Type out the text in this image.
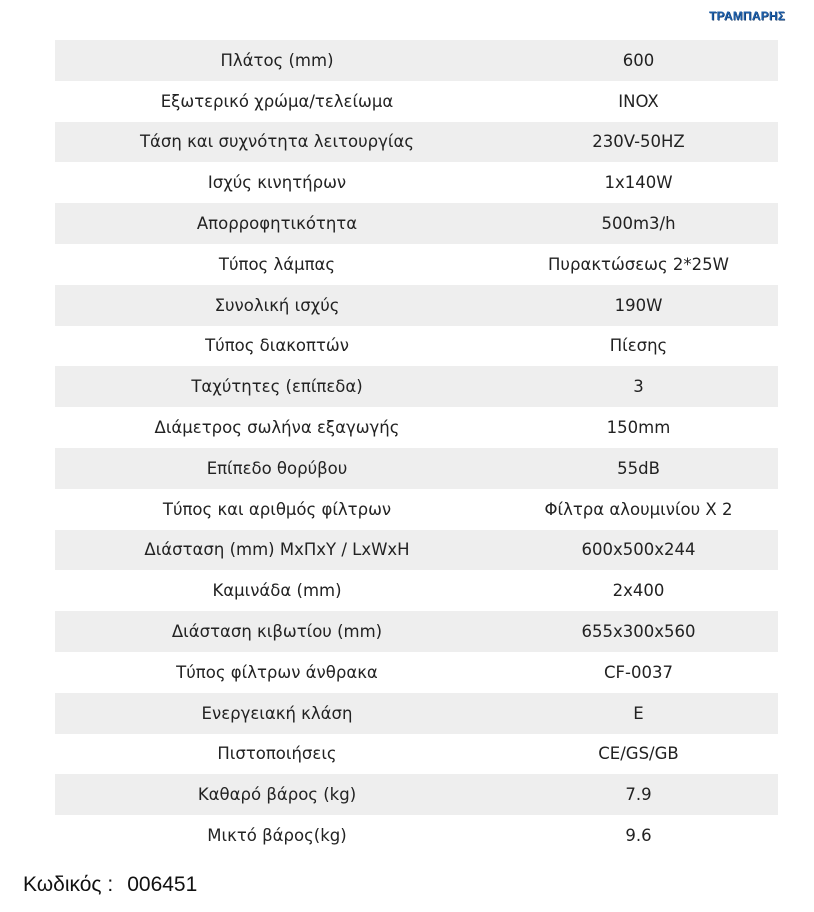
ΤΡΑΜΠΑΡΗΣ
Πλάτος (mm)	600
Εξωτερικό χρώμα/τελείωμα	INOX
Τάση και συχνότητα λειτουργίας	230V-50HZ
Ισχύς κινητήρων	1x140W
Απορροφητικότητα	500m3/h
Τύπος λάμπας	Πυρακτώσεως 2*25W
Συνολική ισχύς	190W
Τύπος διακοπτών	Πίεσης
Ταχύτητες (επίπεδα)	3
Διάμετρος σωλήνα εξαγωγής	150mm
Επίπεδο θορύβου	55dB
Τύπος και αριθμός φίλτρων	Φίλτρα αλουμινίου Χ 2
Διάσταση (mm) ΜxΠxΥ / LxWxH	600x500x244
Καμινάδα (mm)	2x400
Διάσταση κιβωτίου (mm)	655x300x560
Τύπος φίλτρων άνθρακα	CF-0037
Ενεργειακή κλάση	E
Πιστοποιήσεις	CE/GS/GB
Καθαρό βάρος (kg)	7.9
Μικτό βάρος(kg)	9.6
Κωδικός : 006451
